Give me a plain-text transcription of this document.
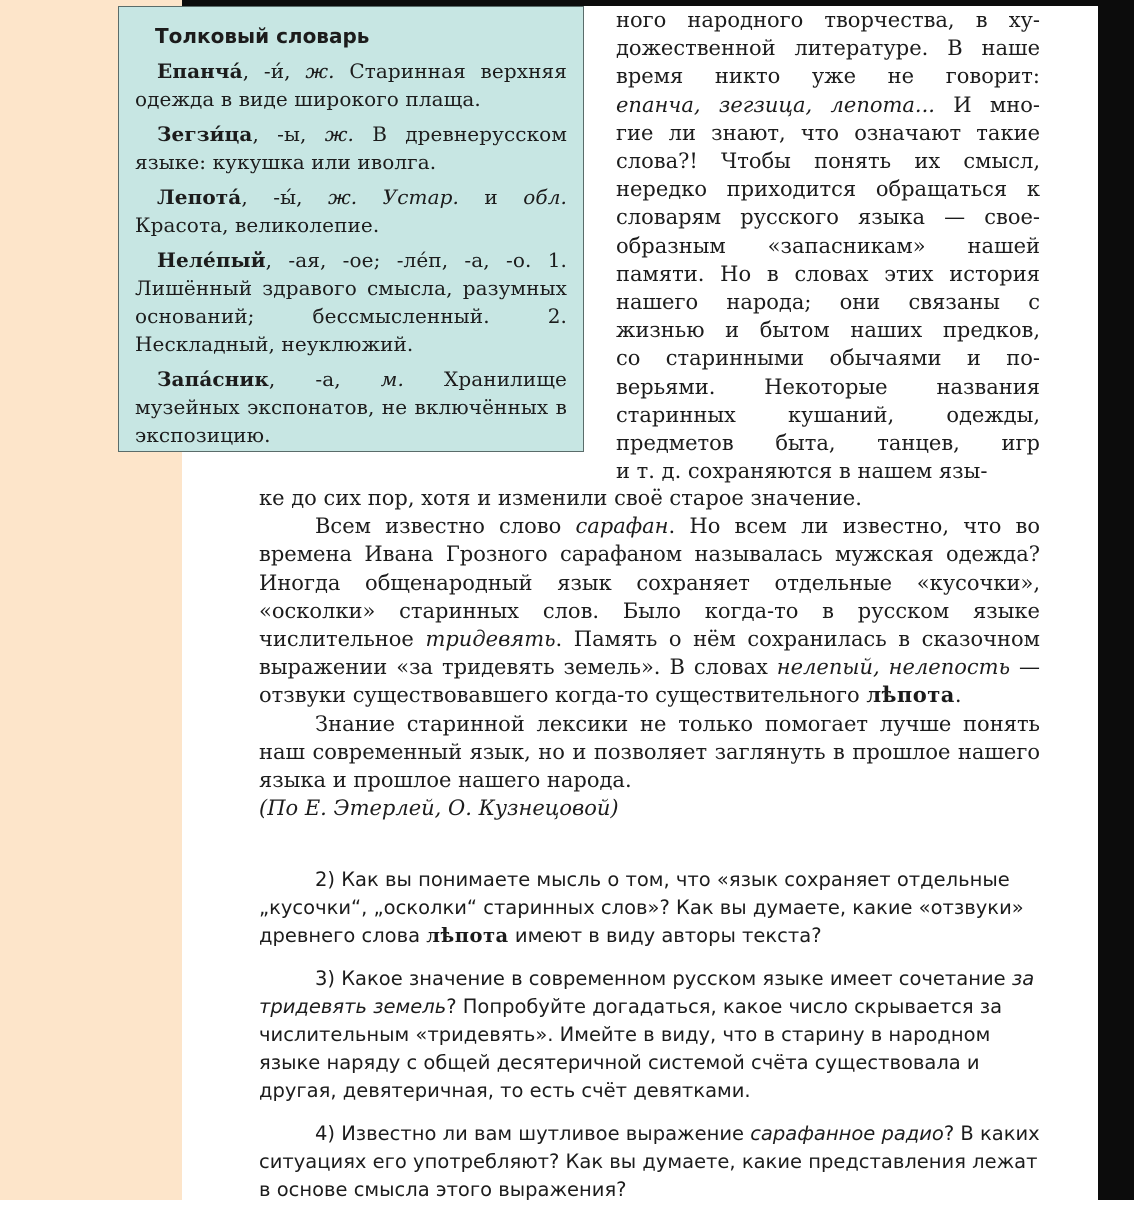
Толковый словарь

Епанча́, -и́, ж. Старинная верхняя одежда в виде широкого плаща.

Зегзи́ца, -ы, ж. В древнерусском языке: кукушка или иволга.

Лепота́, -ы́, ж. Устар. и обл. Красота, великолепие.

Неле́пый, -ая, -ое; -ле́п, -а, -о. 1. Лишённый здравого смысла, разумных оснований; бессмысленный. 2. Нескладный, неуклюжий.

Запа́сник, -а, м. Хранилище музейных экспонатов, не включённых в экспозицию.

ного народного творчества, в ху-
дожественной литературе. В наше
время никто уже не говорит:
епанча, зегзица, лепота... И мно-
гие ли знают, что означают такие
слова?! Чтобы понять их смысл,
нередко приходится обращаться к
словарям русского языка — свое-
образным «запасникам» нашей
памяти. Но в словах этих история
нашего народа; они связаны с
жизнью и бытом наших предков,
со старинными обычаями и по-
верьями. Некоторые названия
старинных кушаний, одежды,
предметов быта, танцев, игр
и т. д. сохраняются в нашем язы-

ке до сих пор, хотя и изменили своё старое значение.

Всем известно слово сарафан. Но всем ли известно, что во времена Ивана Грозного сарафаном называлась мужская одежда? Иногда общенародный язык сохраняет отдельные «кусочки», «осколки» старинных слов. Было когда-то в русском языке числительное тридевять. Память о нём сохранилась в сказочном выражении «за тридевять земель». В словах нелепый, нелепость — отзвуки существовавшего когда-то существительного лѣпота.

Знание старинной лексики не только помогает лучше понять наш современный язык, но и позволяет заглянуть в прошлое нашего языка и прошлое нашего народа.

(По Е. Этерлей, О. Кузнецовой)

2) Как вы понимаете мысль о том, что «язык сохраняет отдельные „кусочки“, „осколки“ старинных слов»? Как вы думаете, какие «отзвуки» древнего слова лѣпота имеют в виду авторы текста?

3) Какое значение в современном русском языке имеет сочетание за тридевять земель? Попробуйте догадаться, какое число скрывается за числительным «тридевять». Имейте в виду, что в старину в народном языке наряду с общей десятеричной системой счёта существовала и другая, девятеричная, то есть счёт девятками.

4) Известно ли вам шутливое выражение сарафанное радио? В каких ситуациях его употребляют? Как вы думаете, какие представления лежат в основе смысла этого выражения?
